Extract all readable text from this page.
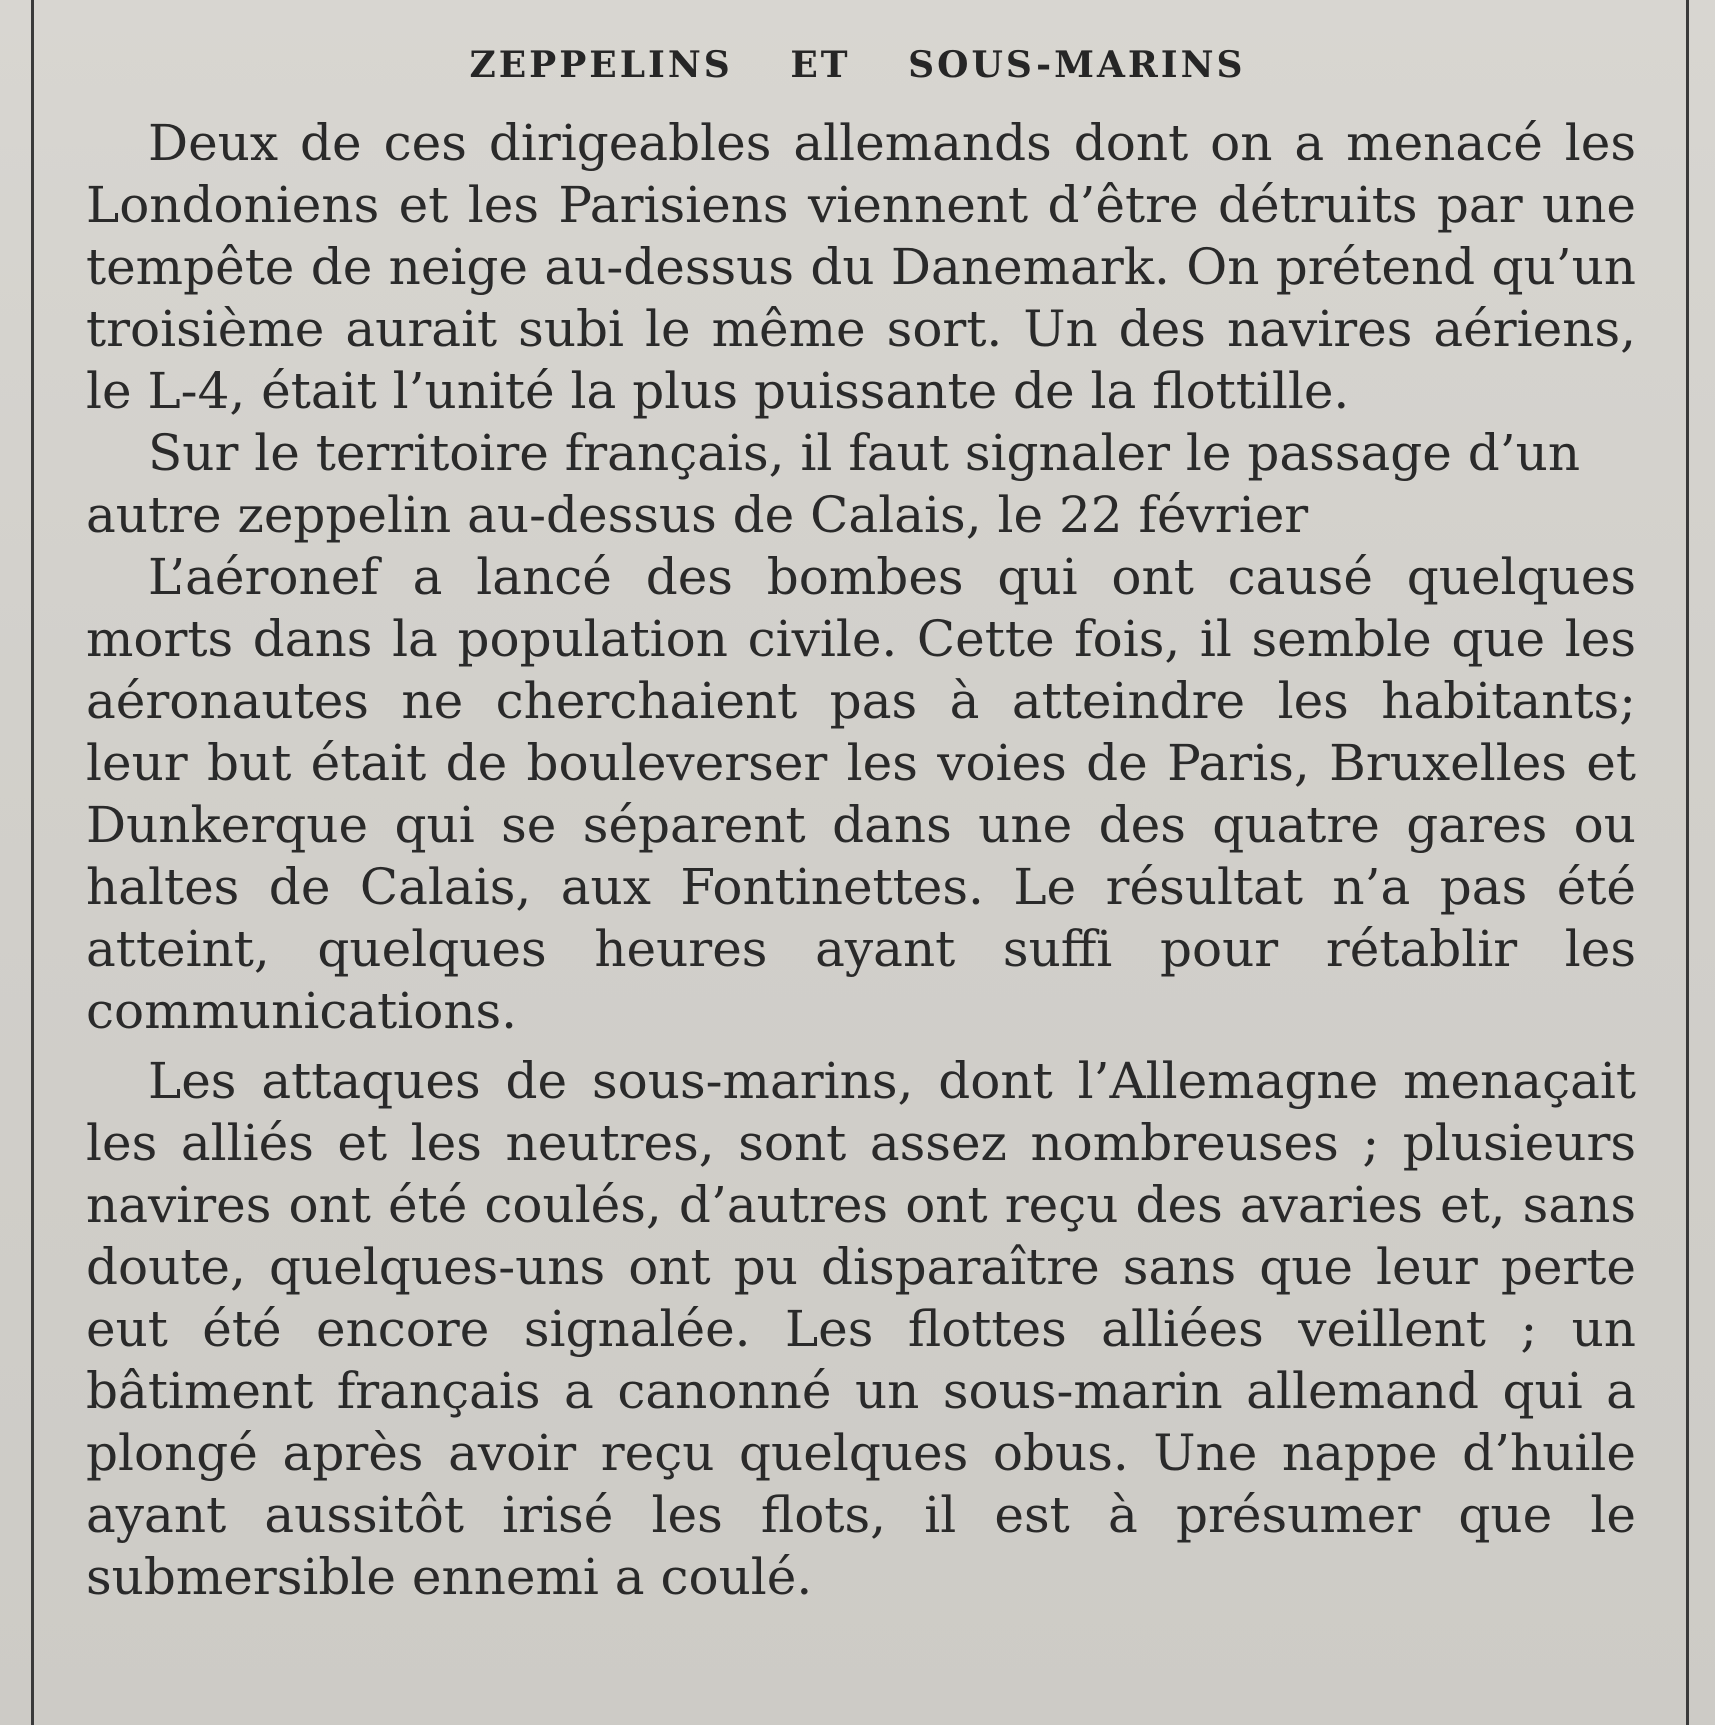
ZEPPELINS ET SOUS-MARINS

Deux de ces dirigeables allemands dont on a menacé les Londoniens et les Parisiens viennent d’être détruits par une tempête de neige au-dessus du Danemark. On prétend qu’un troisième aurait subi le même sort. Un des navires aériens, le L-4, était l’unité la plus puissante de la flottille.

Sur le territoire français, il faut signaler le passage d’un autre zeppelin au-dessus de Calais, le 22 février

L’aéronef a lancé des bombes qui ont causé quelques morts dans la population civile. Cette fois, il semble que les aéronautes ne cherchaient pas à atteindre les habitants; leur but était de bouleverser les voies de Paris, Bruxelles et Dunkerque qui se séparent dans une des quatre gares ou haltes de Calais, aux Fontinettes. Le résultat n’a pas été atteint, quelques heures ayant suffi pour rétablir les communications.

Les attaques de sous-marins, dont l’Allemagne menaçait les alliés et les neutres, sont assez nombreuses ; plusieurs navires ont été coulés, d’autres ont reçu des avaries et, sans doute, quelques-uns ont pu disparaître sans que leur perte eut été encore signalée. Les flottes alliées veillent ; un bâtiment français a canonné un sous-marin allemand qui a plongé après avoir reçu quelques obus. Une nappe d’huile ayant aussitôt irisé les flots, il est à présumer que le submersible ennemi a coulé.
